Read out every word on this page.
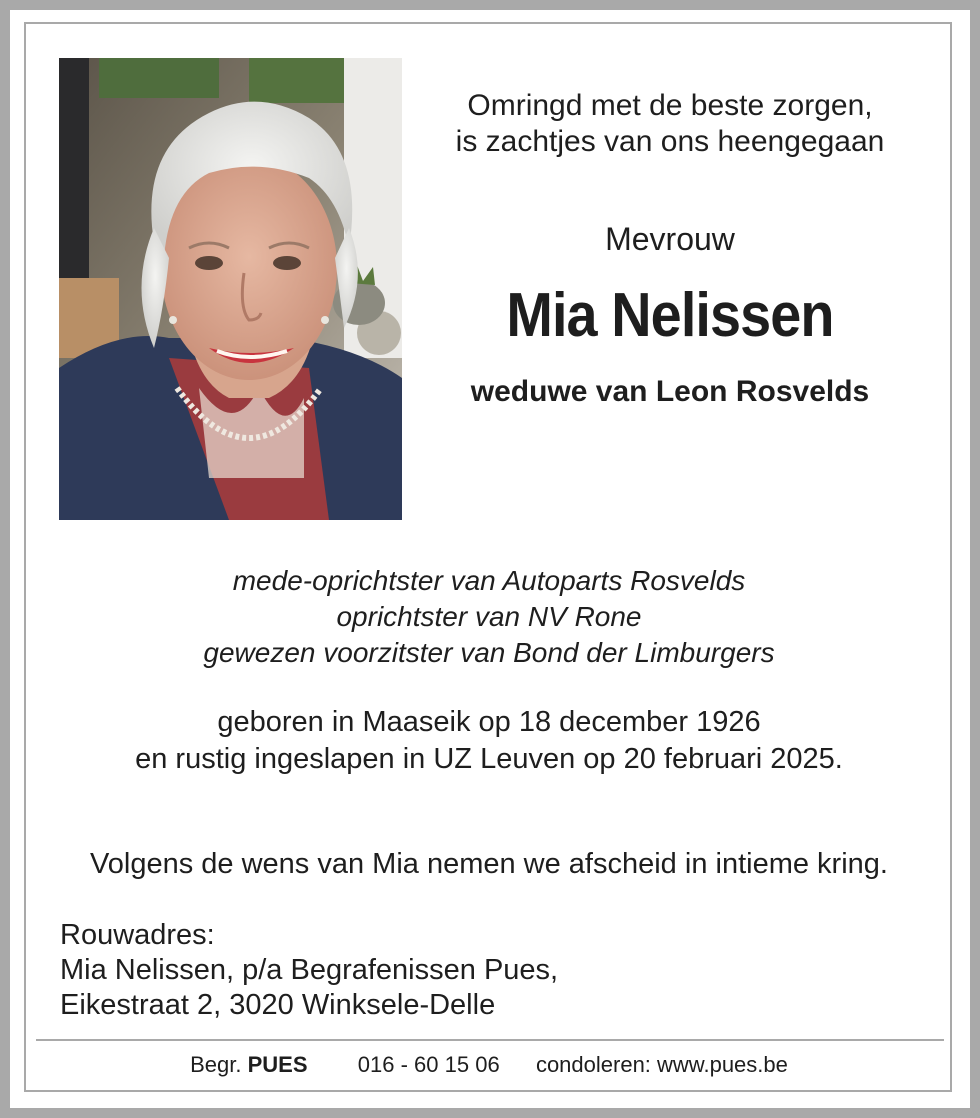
Omringd met de beste zorgen,
is zachtjes van ons heengegaan
Mevrouw
Mia Nelissen
weduwe van Leon Rosvelds
mede-oprichtster van Autoparts Rosvelds
oprichtster van NV Rone
gewezen voorzitster van Bond der Limburgers
geboren in Maaseik op 18 december 1926
en rustig ingeslapen in UZ Leuven op 20 februari 2025.
Volgens de wens van Mia nemen we afscheid in intieme kring.
Rouwadres:
Mia Nelissen, p/a Begrafenissen Pues,
Eikestraat 2, 3020 Winksele-Delle
Begr. PUES 016 - 60 15 06 condoleren: www.pues.be
